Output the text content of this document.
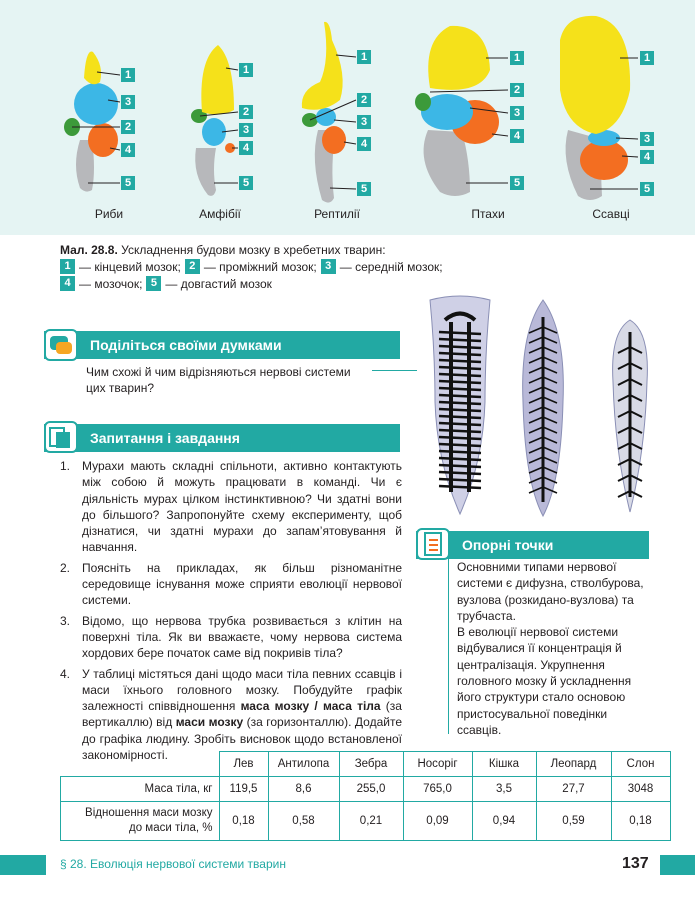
1
3
2
4
5
1
2
3
4
5
1
2
3
4
5
1
2
3
4
5
1
3
4
5
Риби	Амфібії	Рептилії	Птахи	Ссавці
Мал. 28.8. Ускладнення будови мозку в хребетних тварин:
1 — кінцевий мозок; 2 — проміжний мозок; 3 — середній мозок;
4 — мозочок; 5 — довгастий мозок
Поділіться своїми думками
Чим схожі й чим відрізняються нервові системи
цих тварин?
Запитання і завдання
1. Мурахи мають складні спільноти, активно контактують між собою й можуть працювати в команді. Чи є діяльність мурах цілком інстинктивною? Чи здатні вони до більшого? Запропонуйте схему експерименту, щоб дізнатися, чи здатні мурахи до запам’ятовування й навчання.
2. Поясніть на прикладах, як більш різноманітне середовище існування може сприяти еволюції нервової системи.
3. Відомо, що нервова трубка розвивається з клітин на поверхні тіла. Як ви вважаєте, чому нервова система хордових бере початок саме від покривів тіла?
4. У таблиці містяться дані щодо маси тіла певних ссавців і маси їхнього головного мозку. Побудуйте графік залежності співвідношення маса мозку / маса тіла (за вертикаллю) від маси мозку (за горизонталлю). Додайте до графіка людину. Зробіть висновок щодо встановленої закономірності.
Опорні точки
Основними типами нервової системи є дифузна, стволбурова, вузлова (розкидано-вузлова) та трубчаста.
В еволюції нервової системи відбувалися її концентрація й централізація. Укрупнення головного мозку й ускладнення його структури стало основою пристосувальної поведінки ссавців.
	Лев	Антилопа	Зебра	Носоріг	Кішка	Леопард	Слон
Маса тіла, кг	119,5	8,6	255,0	765,0	3,5	27,7	3048

Відношення маси мозку
до маси тіла, %	0,18	0,58	0,21	0,09	0,94	0,59	0,18
§ 28. Еволюція нервової системи тварин	137
